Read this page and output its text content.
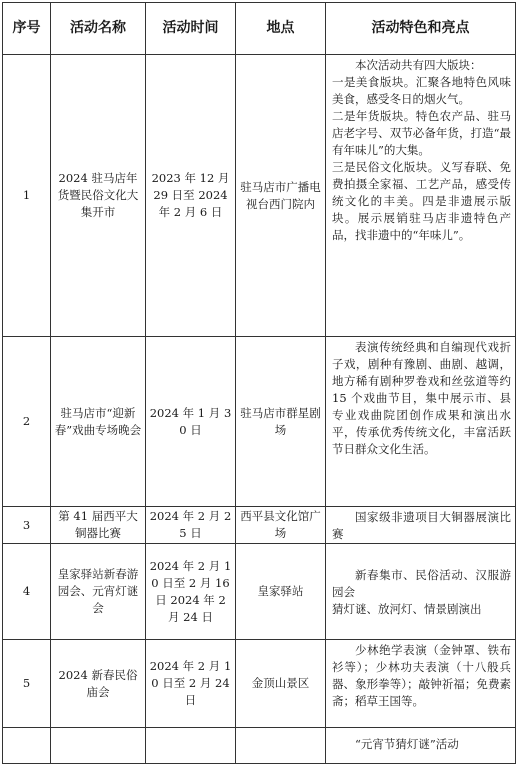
序号	活动名称	活动时间	地点	活动特色和亮点
1	2024 驻马店年货暨民俗文化大集开市	2023 年 12 月 29 日至 2024 年 2 月 6 日	驻马店市广播电视台西门院内	本次活动共有四大版块：
一是美食版块。汇聚各地特色风味美食，感受冬日的烟火气。
二是年货版块。特色农产品、驻马店老字号、双节必备年货，打造“最有年味儿”的大集。
三是民俗文化版块。义写春联、免费拍摄全家福、工艺产品，感受传统文化的丰美。四是非遗展示版块。展示展销驻马店非遗特色产品，找非遗中的“年味儿”。

2	驻马店市“迎新春”戏曲专场晚会	2024 年 1 月 30 日	驻马店市群星剧场	表演传统经典和自编现代戏折子戏，剧种有豫剧、曲剧、越调，地方稀有剧种罗卷戏和丝弦道等约 15 个戏曲节目，集中展示市、县专业戏曲院团创作成果和演出水平，传承优秀传统文化，丰富活跃节日群众文化生活。

3	第 41 届西平大铜器比赛	2024 年 2 月 25 日	西平县文化馆广场	国家级非遗项目大铜器展演比赛

4	皇家驿站新春游园会、元宵灯谜会	2024 年 2 月 10 日至 2 月 16 日 2024 年 2 月 24 日	皇家驿站	新春集市、民俗活动、汉服游园会
猜灯谜、放河灯、情景剧演出

5	2024 新春民俗庙会	2024 年 2 月 10 日至 2 月 24 日	金顶山景区	少林绝学表演（金钟罩、铁布衫等）；少林功夫表演（十八般兵器、象形拳等）；敲钟祈福；免费素斋；稻草王国等。

				“元宵节猜灯谜”活动
